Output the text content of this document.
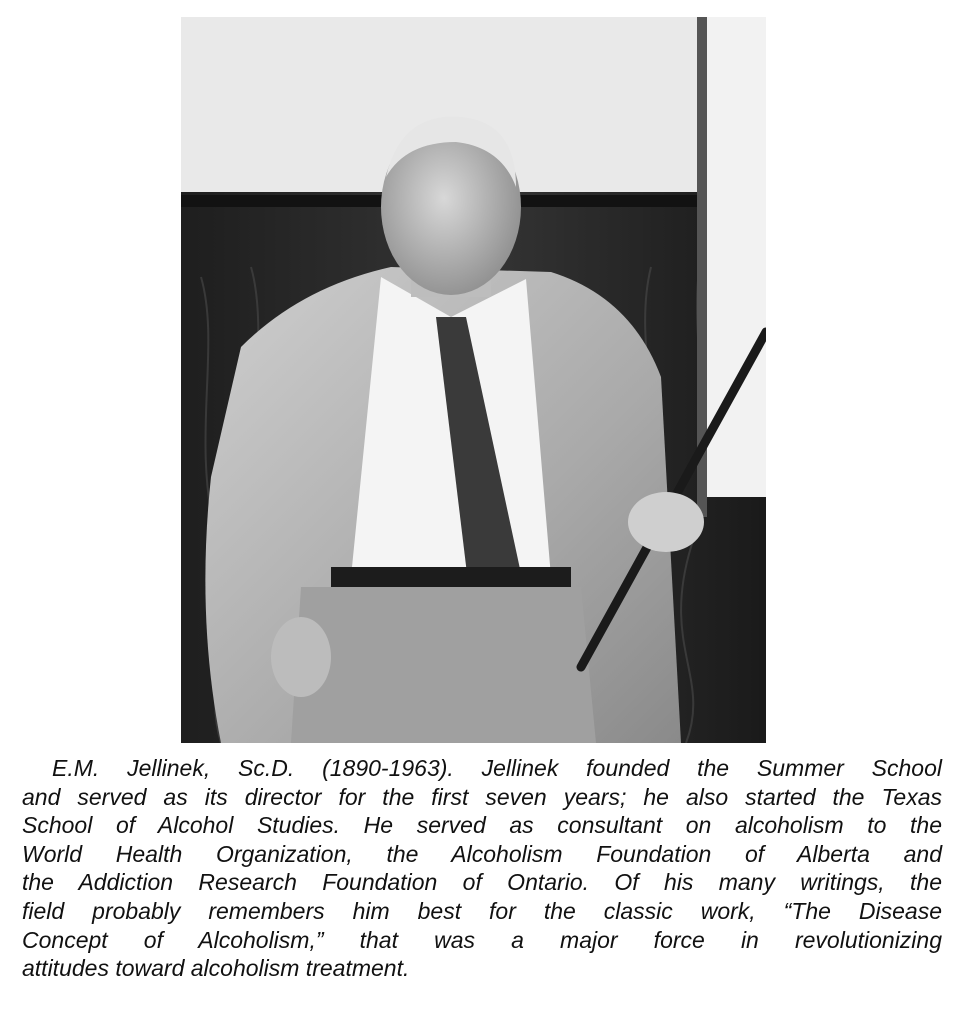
E.M. Jellinek, Sc.D. (1890-1963). Jellinek founded the Summer School
and served as its director for the first seven years; he also started the Texas
School of Alcohol Studies. He served as consultant on alcoholism to the
World Health Organization, the Alcoholism Foundation of Alberta and
the Addiction Research Foundation of Ontario. Of his many writings, the
field probably remembers him best for the classic work, “The Disease
Concept of Alcoholism,” that was a major force in revolutionizing
attitudes toward alcoholism treatment.
